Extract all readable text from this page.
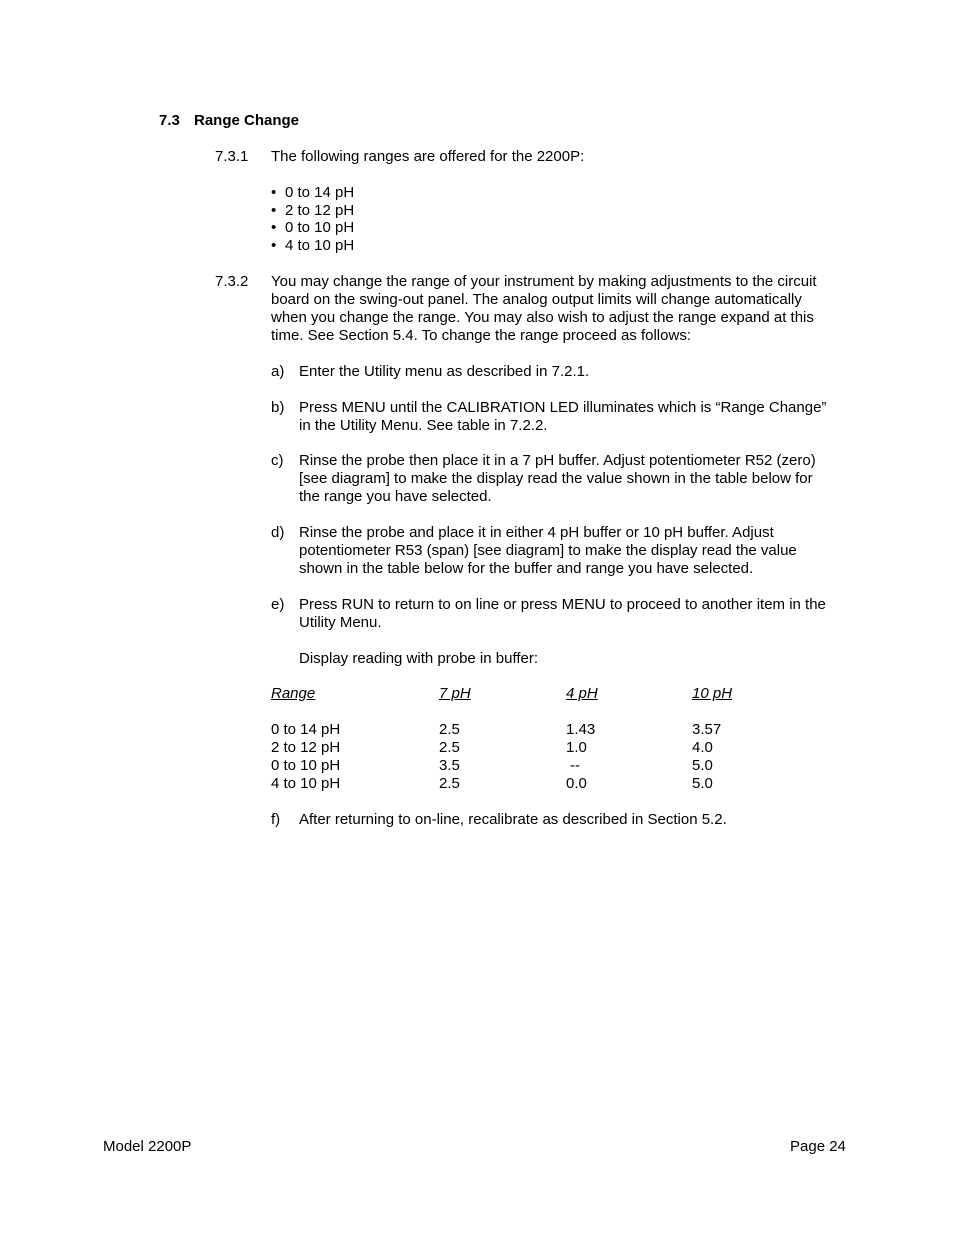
7.3 Range Change
7.3.1 The following ranges are offered for the 2200P:
• 0 to 14 pH
• 2 to 12 pH
• 0 to 10 pH
• 4 to 10 pH
7.3.2 You may change the range of your instrument by making adjustments to the circuit
board on the swing-out panel. The analog output limits will change automatically
when you change the range. You may also wish to adjust the range expand at this
time. See Section 5.4. To change the range proceed as follows:
a) Enter the Utility menu as described in 7.2.1.
b) Press MENU until the CALIBRATION LED illuminates which is “Range Change”
in the Utility Menu. See table in 7.2.2.
c) Rinse the probe then place it in a 7 pH buffer. Adjust potentiometer R52 (zero)
[see diagram] to make the display read the value shown in the table below for
the range you have selected.
d) Rinse the probe and place it in either 4 pH buffer or 10 pH buffer. Adjust
potentiometer R53 (span) [see diagram] to make the display read the value
shown in the table below for the buffer and range you have selected.
e) Press RUN to return to on line or press MENU to proceed to another item in the
Utility Menu.
Display reading with probe in buffer:
Range	7 pH	4 pH	10 pH
0 to 14 pH	2.5	1.43	3.57
2 to 12 pH	2.5	1.0	4.0
0 to 10 pH	3.5	--	5.0
4 to 10 pH	2.5	0.0	5.0
f) After returning to on-line, recalibrate as described in Section 5.2.
Model 2200P	Page 24
